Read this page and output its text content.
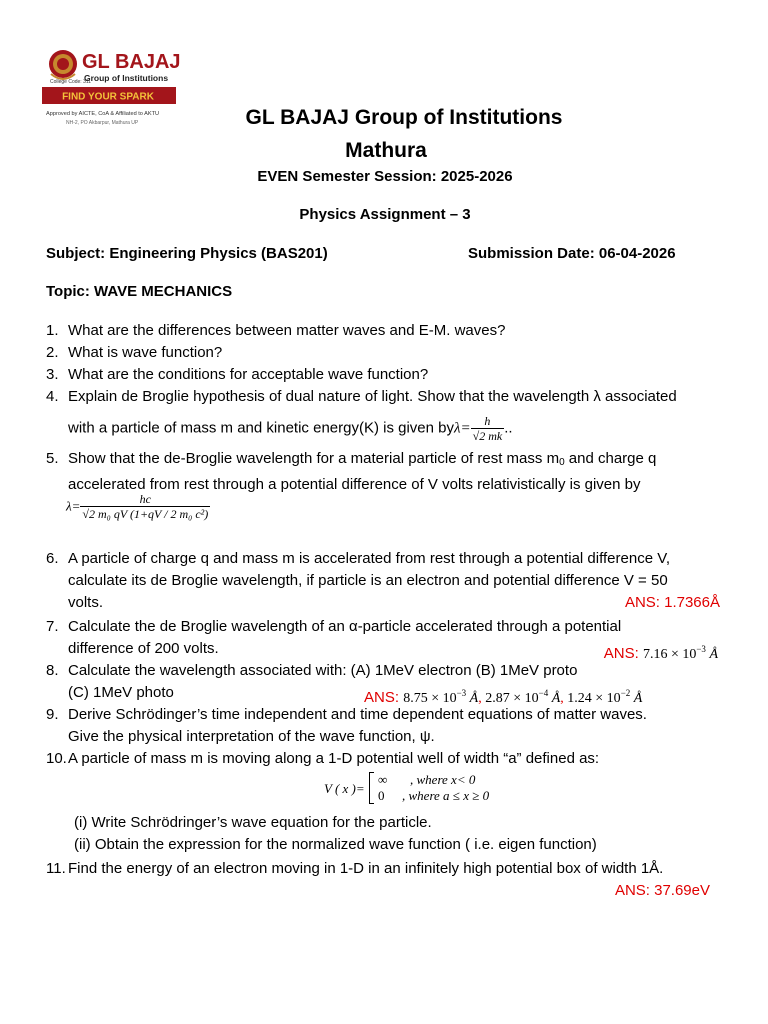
College Code: 311
GL BAJAJ
Group of Institutions
FIND YOUR SPARK
Approved by AICTE, CoA & Affiliated to AKTU
NH-2, PO Akbarpur, Mathura UP	GL BAJAJ Group of Institutions
Mathura
EVEN Semester Session: 2025-2026
Physics Assignment – 3
Subject: Engineering Physics (BAS201)	Submission Date: 06-04-2026
Topic: WAVE MECHANICS
1. What are the differences between matter waves and E-M. waves?
2. What is wave function?
3. What are the conditions for acceptable wave function?
4. Explain de Broglie hypothesis of dual nature of light. Show that the wavelength λ associated
with a particle of mass m and kinetic energy(K) is given $by\lambda= \frac{h}{√2 mk}$ ..
5. Show that the de-Broglie wavelength for a material particle of rest mass $m_0$ and charge q
accelerated from rest through a potential difference of V volts relativistically is given by
$\lambda= \frac{hc}{\text{√2 m₀ qV (1+qV / 2 m₀ c²)}}$
6. A particle of charge q and mass m is accelerated from rest through a potential difference V,
calculate its de Broglie wavelength, if particle is an electron and potential difference V = 50
volts.	ANS: 1.7366Å
7. Calculate the de Broglie wavelength of an α-particle accelerated through a potential
difference of 200 volts.	ANS: $7.16 \times 10^{-3}$ Å
8. Calculate the wavelength associated with: (A) 1MeV electron (B) 1MeV proto
(C) 1MeV photo	ANS: $8.75 \times 10^{-3}$ Å, $2.87 \times 10^{-4}$ Å, $1.24 \times 10^{-2}$ Å
9. Derive Schrödinger’s time independent and time dependent equations of matter waves.
Give the physical interpretation of the wave function, ψ.
10. A particle of mass m is moving along a 1-D potential well of width “a” defined as:
V ( x )=
∞ , where x< 0
0 , where a ≤ x ≥ 0
(i) Write Schrödringer’s wave equation for the particle.
(ii) Obtain the expression for the normalized wave function ( i.e. eigen function)
11. Find the energy of an electron moving in 1-D in an infinitely high potential box of width 1Å.
ANS: 37.69eV
